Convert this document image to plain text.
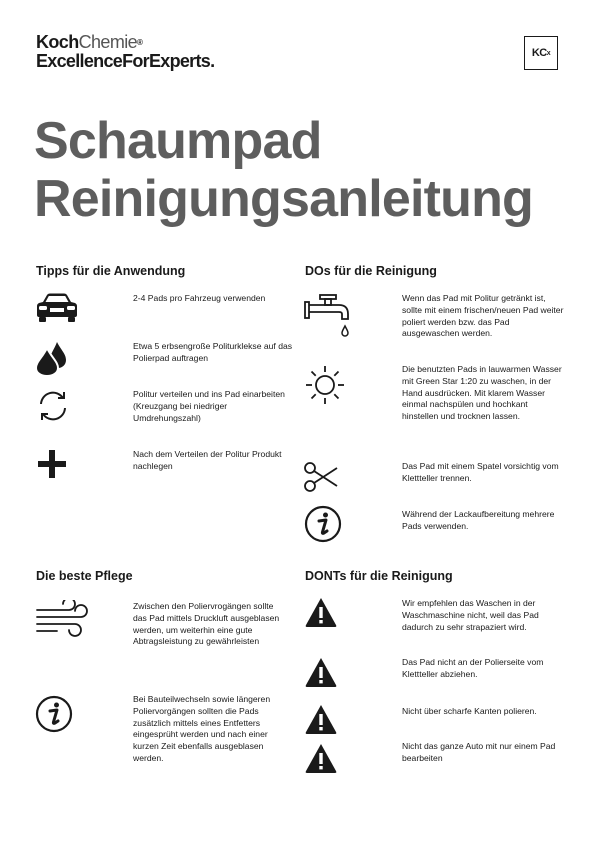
KochChemie®
ExcellenceForExperts.	KC x
Schaumpad
Reinigungsanleitung
Tipps für die Anwendung
2-4 Pads pro Fahrzeug verwenden
Etwa 5 erbsengroße Politurklekse auf das Polierpad auftragen
Politur verteilen und ins Pad einarbeiten (Kreuzgang bei niedriger Umdrehungszahl)
Nach dem Verteilen der Politur Produkt nachlegen
DOs für die Reinigung
Wenn das Pad mit Politur getränkt ist, sollte mit einem frischen/neuen Pad weiter poliert werden bzw. das Pad ausgewaschen werden.
Die benutzten Pads in lauwarmen Wasser mit Green Star 1:20 zu waschen, in der Hand ausdrücken. Mit klarem Wasser einmal nachspülen und hochkant hinstellen und trocknen lassen.
Das Pad mit einem Spatel vorsichtig vom Klettteller trennen.
Während der Lackaufbereitung mehrere Pads verwenden.
Die beste Pflege
Zwischen den Poliervrogängen sollte das Pad mittels Druckluft ausgeblasen werden, um weiterhin eine gute Abtragsleistung zu gewährleisten
Bei Bauteilwechseln sowie längeren Poliervorgängen sollten die Pads zusätzlich mittels eines Entfetters eingesprüht werden und nach einer kurzen Zeit ebenfalls ausgeblasen werden.
DONTs für die Reinigung
Wir empfehlen das Waschen in der Waschmaschine nicht, weil das Pad dadurch zu sehr strapaziert wird.
Das Pad nicht an der Polierseite vom Klettteller abziehen.
Nicht über scharfe Kanten polieren.
Nicht das ganze Auto mit nur einem Pad bearbeiten
